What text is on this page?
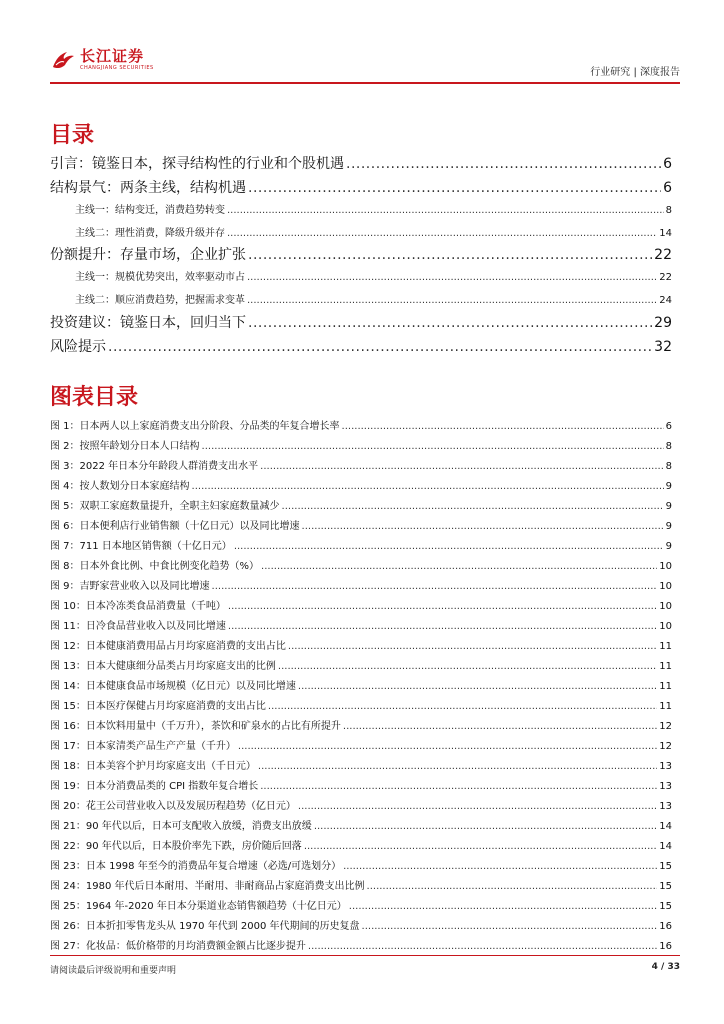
长江证券
CHANGJIANG SECURITIES	行业研究 | 深度报告
目录
引言：镜鉴日本，探寻结构性的行业和个股机遇 .....	6
结构景气：两条主线，结构机遇 .....	6
主线一：结构变迁，消费趋势转变 .....	8
主线二：理性消费，降级升级并存 .....	14
份额提升：存量市场，企业扩张 .....	22
主线一：规模优势突出，效率驱动市占 .....	22
主线二：顺应消费趋势，把握需求变革 .....	24
投资建议：镜鉴日本，回归当下 .....	29
风险提示 .....	32
图表目录
图 1：日本两人以上家庭消费支出分阶段、分品类的年复合增长率 .....	6
图 2：按照年龄划分日本人口结构 .....	8
图 3：2022 年日本分年龄段人群消费支出水平 .....	8
图 4：按人数划分日本家庭结构 .....	9
图 5：双职工家庭数量提升，全职主妇家庭数量减少 .....	9
图 6：日本便利店行业销售额（十亿日元）以及同比增速 .....	9
图 7：711 日本地区销售额（十亿日元） .....	9
图 8：日本外食比例、中食比例变化趋势（%） .....	10
图 9：吉野家营业收入以及同比增速 .....	10
图 10：日本冷冻类食品消费量（千吨） .....	10
图 11：日冷食品营业收入以及同比增速 .....	10
图 12：日本健康消费用品占月均家庭消费的支出占比 .....	11
图 13：日本大健康细分品类占月均家庭支出的比例 .....	11
图 14：日本健康食品市场规模（亿日元）以及同比增速 .....	11
图 15：日本医疗保健占月均家庭消费的支出占比 .....	11
图 16：日本饮料用量中（千万升），茶饮和矿泉水的占比有所提升 .....	12
图 17：日本家清类产品生产产量（千升） .....	12
图 18：日本美容个护月均家庭支出（千日元） .....	13
图 19：日本分消费品类的 CPI 指数年复合增长 .....	13
图 20：花王公司营业收入以及发展历程趋势（亿日元） .....	13
图 21：90 年代以后，日本可支配收入放缓，消费支出放缓 .....	14
图 22：90 年代以后，日本股价率先下跌，房价随后回落 .....	14
图 23：日本 1998 年至今的消费品年复合增速（必选/可选划分） .....	15
图 24：1980 年代后日本耐用、半耐用、非耐商品占家庭消费支出比例 .....	15
图 25：1964 年-2020 年日本分渠道业态销售额趋势（十亿日元） .....	15
图 26：日本折扣零售龙头从 1970 年代到 2000 年代期间的历史复盘 .....	16
图 27：化妆品：低价格带的月均消费额金额占比逐步提升 .....	16
请阅读最后评级说明和重要声明	4 / 33
